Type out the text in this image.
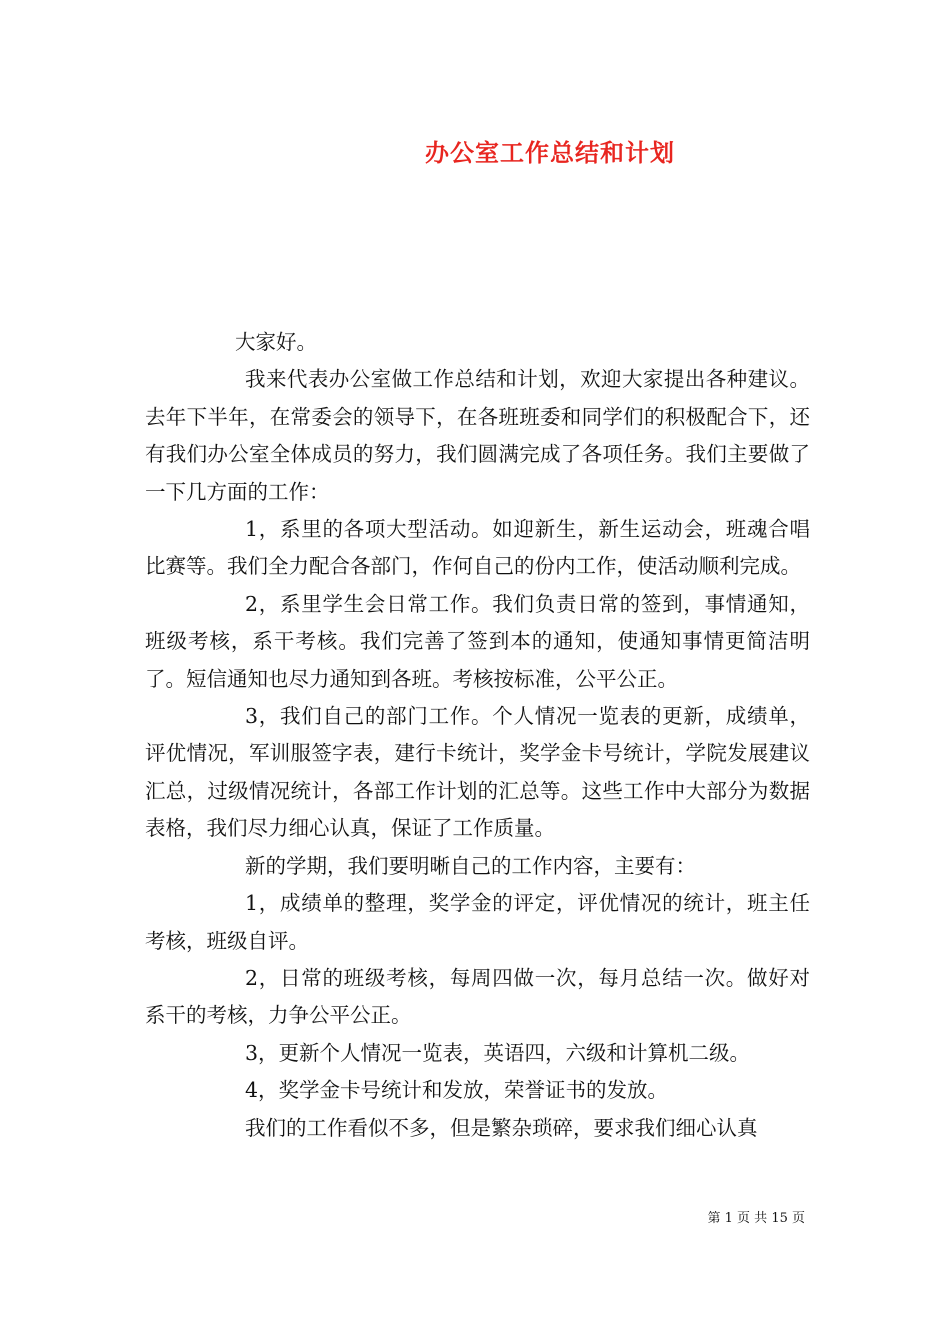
办公室工作总结和计划

大家好。

我来代表办公室做工作总结和计划，欢迎大家提出各种建议。去年下半年，在常委会的领导下，在各班班委和同学们的积极配合下，还有我们办公室全体成员的努力，我们圆满完成了各项任务。我们主要做了一下几方面的工作：

1，系里的各项大型活动。如迎新生，新生运动会，班魂合唱比赛等。我们全力配合各部门，作何自己的份内工作，使活动顺利完成。

2，系里学生会日常工作。我们负责日常的签到，事情通知，班级考核，系干考核。我们完善了签到本的通知，使通知事情更简洁明了。短信通知也尽力通知到各班。考核按标准，公平公正。

3，我们自己的部门工作。个人情况一览表的更新，成绩单，评优情况，军训服签字表，建行卡统计，奖学金卡号统计，学院发展建议汇总，过级情况统计，各部工作计划的汇总等。这些工作中大部分为数据表格，我们尽力细心认真，保证了工作质量。

新的学期，我们要明晰自己的工作内容，主要有：

1，成绩单的整理，奖学金的评定，评优情况的统计，班主任考核，班级自评。

2，日常的班级考核，每周四做一次，每月总结一次。做好对系干的考核，力争公平公正。

3，更新个人情况一览表，英语四，六级和计算机二级。

4，奖学金卡号统计和发放，荣誉证书的发放。

我们的工作看似不多，但是繁杂琐碎，要求我们细心认真

第 1 页 共 15 页
